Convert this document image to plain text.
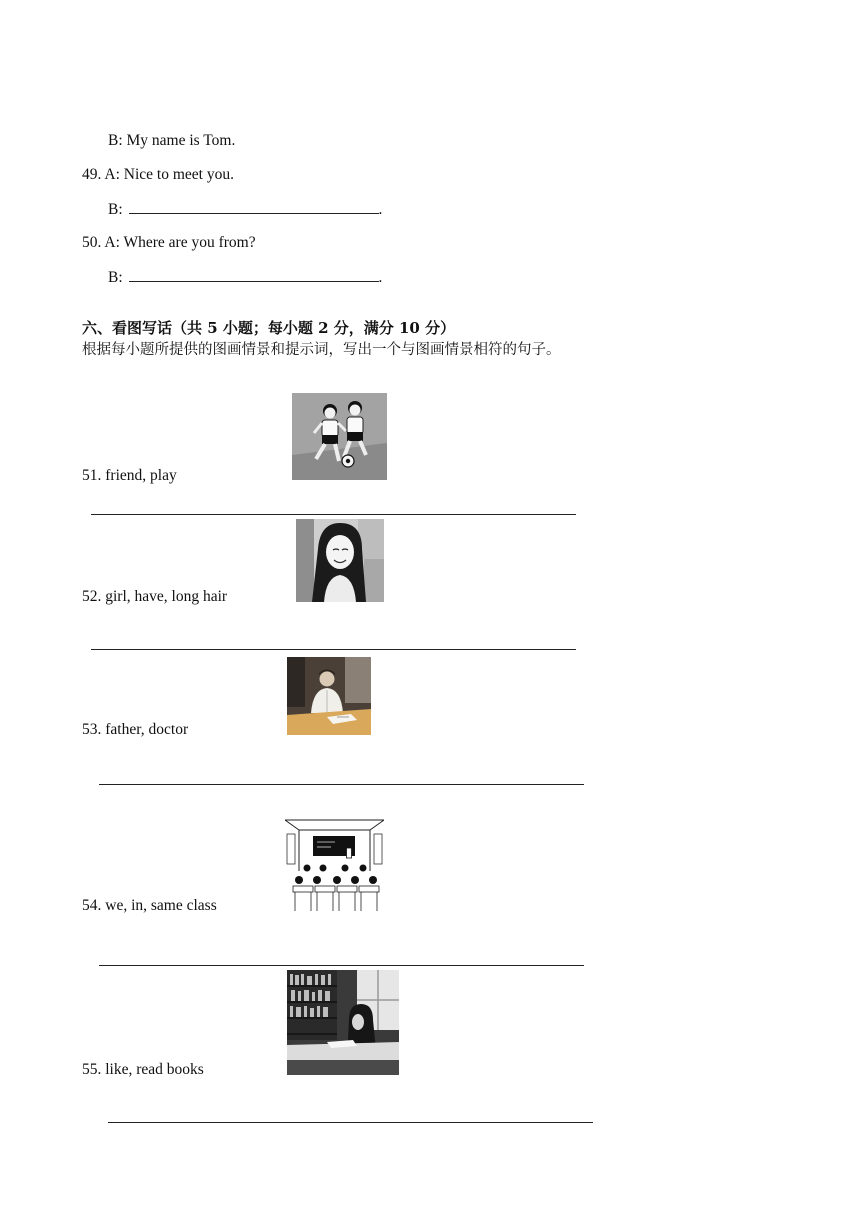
B: My name is Tom.
49. A: Nice to meet you.
B:	.
50. A: Where are you from?
B:	.
六、看图写话（共 5 小题；每小题 2 分，满分 10 分）
根据每小题所提供的图画情景和提示词，写出一个与图画情景相符的句子。
51. friend, play
52. girl, have, long hair
53. father, doctor
54. we, in, same class
55. like, read books
